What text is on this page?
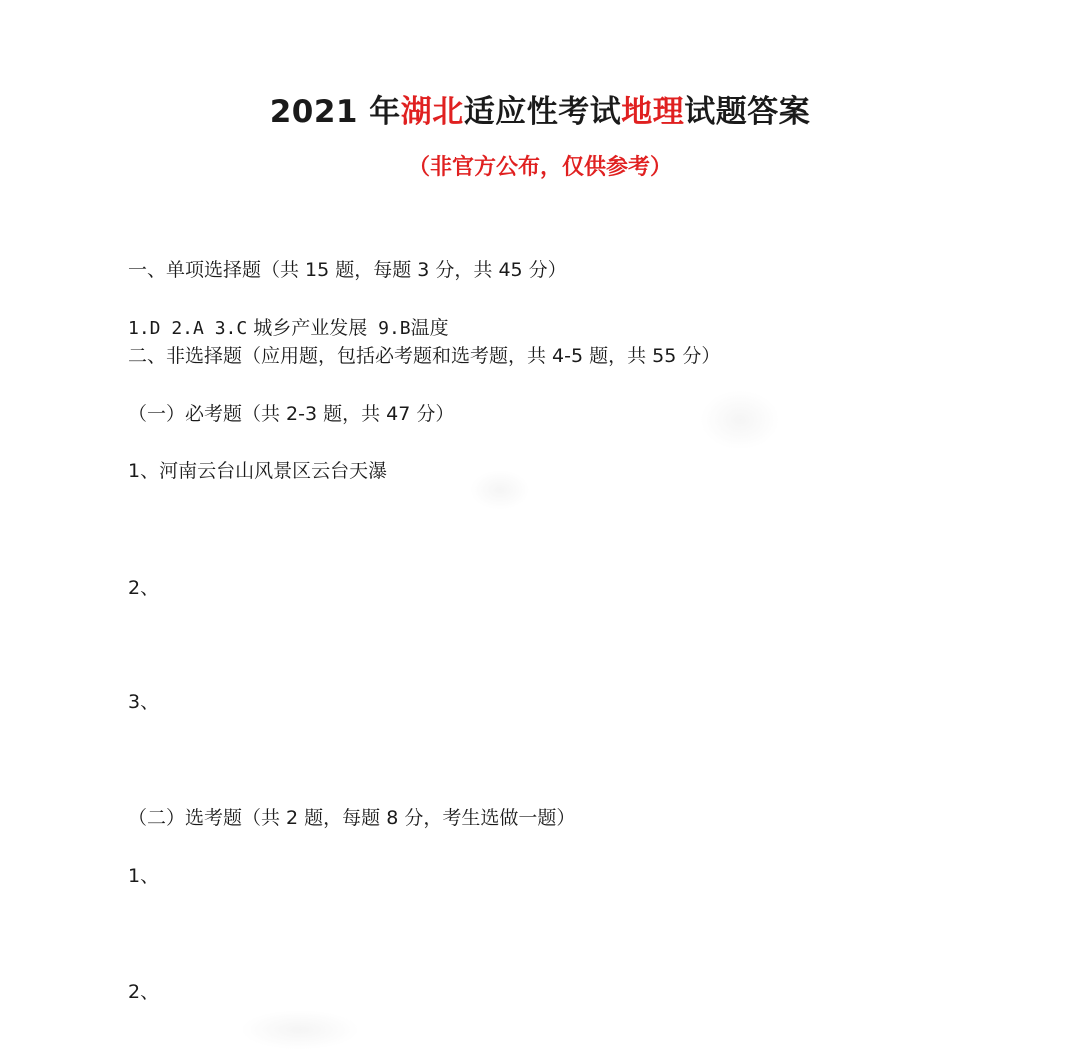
2021 年湖北适应性考试地理试题答案
（非官方公布，仅供参考）
一、单项选择题（共 15 题，每题 3 分，共 45 分）
1.D 2.A 3.C 城乡产业发展 9.B温度
二、非选择题（应用题，包括必考题和选考题，共 4-5 题，共 55 分）
（一）必考题（共 2-3 题，共 47 分）
1、河南云台山风景区云台天瀑
2、
3、
（二）选考题（共 2 题，每题 8 分，考生选做一题）
1、
2、
